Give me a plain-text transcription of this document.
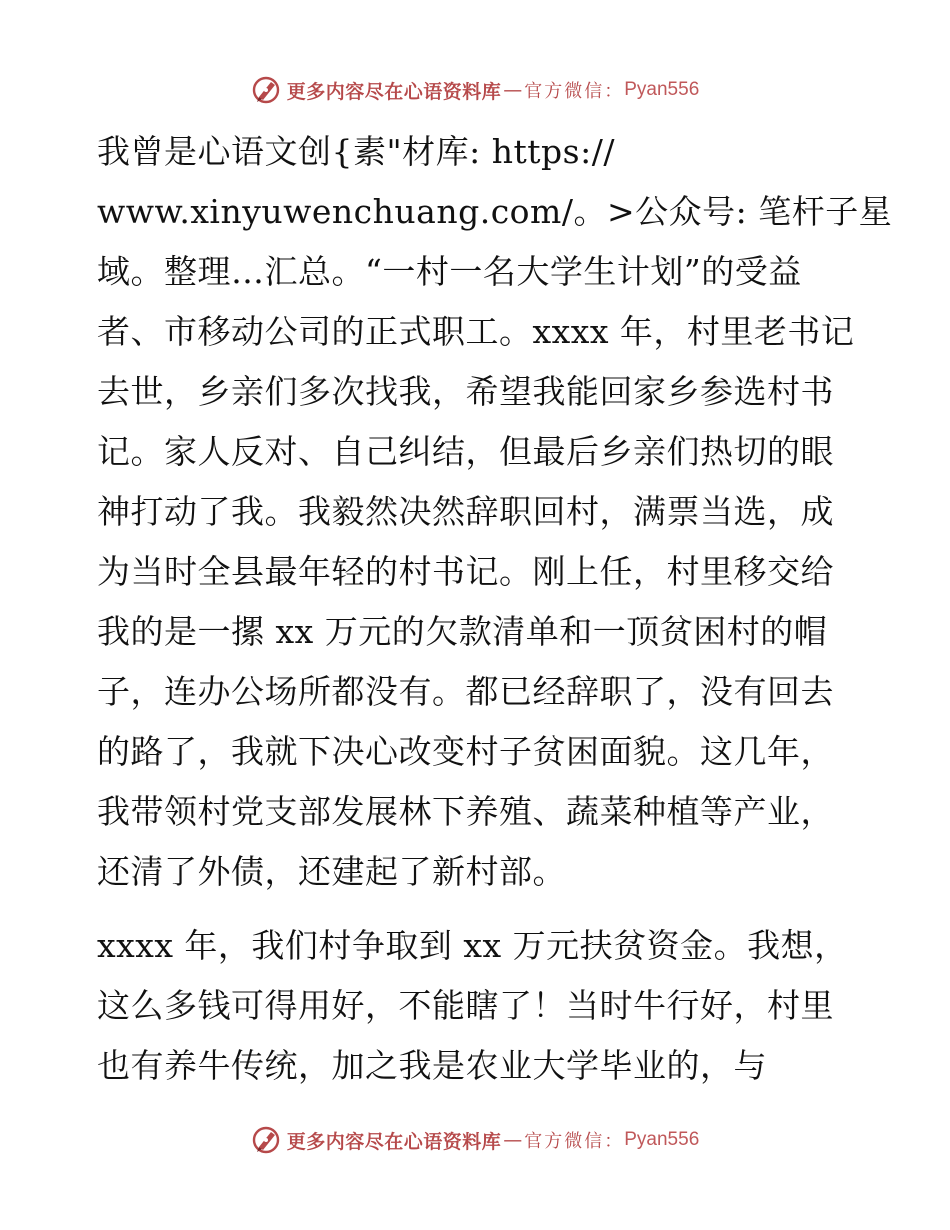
更多内容尽在心语资料库 — 官方微信： Pyan556

我曾是心语文创{素"材库: https://
www.xinyuwenchuang.com/。>公众号: 笔杆子星
域。整理…汇总。“一村一名大学生计划”的受益
者、市移动公司的正式职工。xxxx 年，村里老书记
去世，乡亲们多次找我，希望我能回家乡参选村书
记。家人反对、自己纠结，但最后乡亲们热切的眼
神打动了我。我毅然决然辞职回村，满票当选，成
为当时全县最年轻的村书记。刚上任，村里移交给
我的是一摞 xx 万元的欠款清单和一顶贫困村的帽
子，连办公场所都没有。都已经辞职了，没有回去
的路了，我就下决心改变村子贫困面貌。这几年，
我带领村党支部发展林下养殖、蔬菜种植等产业，
还清了外债，还建起了新村部。

xxxx 年，我们村争取到 xx 万元扶贫资金。我想，
这么多钱可得用好，不能瞎了！当时牛行好，村里
也有养牛传统，加之我是农业大学毕业的，与

更多内容尽在心语资料库 — 官方微信： Pyan556
